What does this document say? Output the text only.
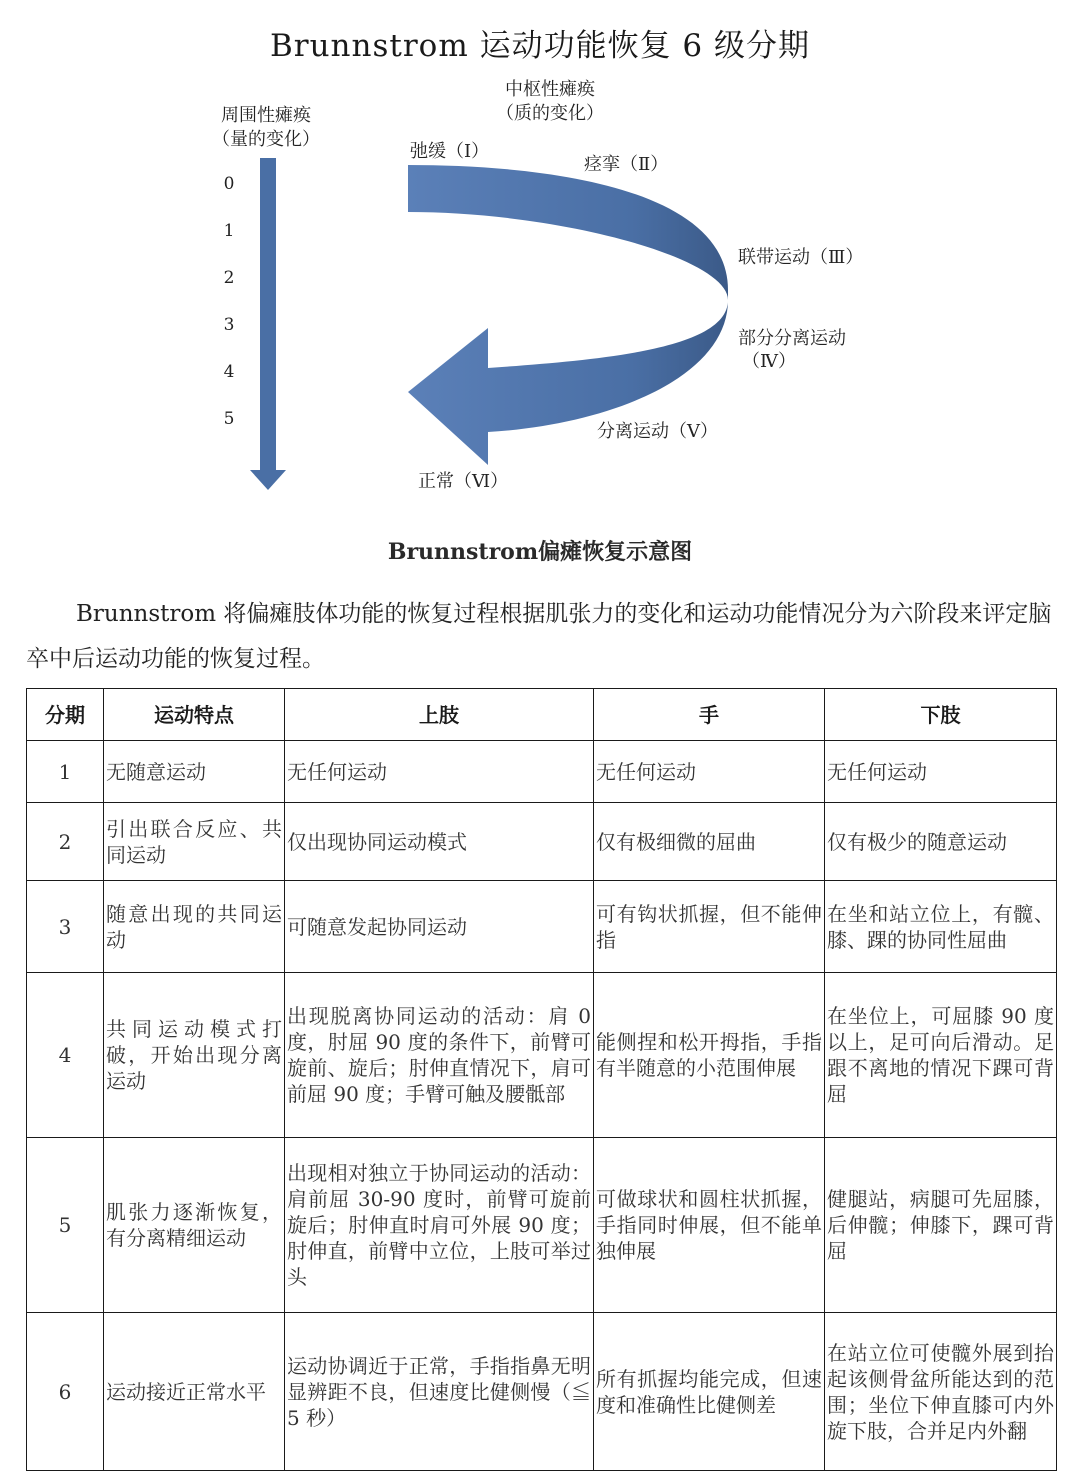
Brunnstrom 运动功能恢复 6 级分期
周围性瘫痪
（量的变化）
0
1
2
3
4
5
中枢性瘫痪
（质的变化）
弛缓（Ⅰ）
痉挛（Ⅱ）
联带运动（Ⅲ）
部分分离运动
（Ⅳ）
分离运动（Ⅴ）
正常（Ⅵ）
Brunnstrom偏瘫恢复示意图
Brunnstrom 将偏瘫肢体功能的恢复过程根据肌张力的变化和运动功能情况分为六阶段来评定脑卒中后运动功能的恢复过程。
分期	运动特点	上肢	手	下肢
1	无随意运动	无任何运动	无任何运动	无任何运动
2	引出联合反应、共同运动	仅出现协同运动模式	仅有极细微的屈曲	仅有极少的随意运动
3	随意出现的共同运动	可随意发起协同运动	可有钩状抓握，但不能伸指	在坐和站立位上，有髋、膝、踝的协同性屈曲
4	共同运动模式打破，开始出现分离运动	出现脱离协同运动的活动：肩 0 度，肘屈 90 度的条件下，前臂可旋前、旋后；肘伸直情况下，肩可前屈 90 度；手臂可触及腰骶部	能侧捏和松开拇指，手指有半随意的小范围伸展	在坐位上，可屈膝 90 度以上，足可向后滑动。足跟不离地的情况下踝可背屈
5	肌张力逐渐恢复，有分离精细运动	出现相对独立于协同运动的活动：肩前屈 30-90 度时，前臂可旋前旋后；肘伸直时肩可外展 90 度；肘伸直，前臂中立位，上肢可举过头	可做球状和圆柱状抓握，手指同时伸展，但不能单独伸展	健腿站，病腿可先屈膝，后伸髋；伸膝下，踝可背屈
6	运动接近正常水平	运动协调近于正常，手指指鼻无明显辨距不良，但速度比健侧慢（≦ 5 秒）	所有抓握均能完成，但速度和准确性比健侧差	在站立位可使髋外展到抬起该侧骨盆所能达到的范围；坐位下伸直膝可内外旋下肢，合并足内外翻
